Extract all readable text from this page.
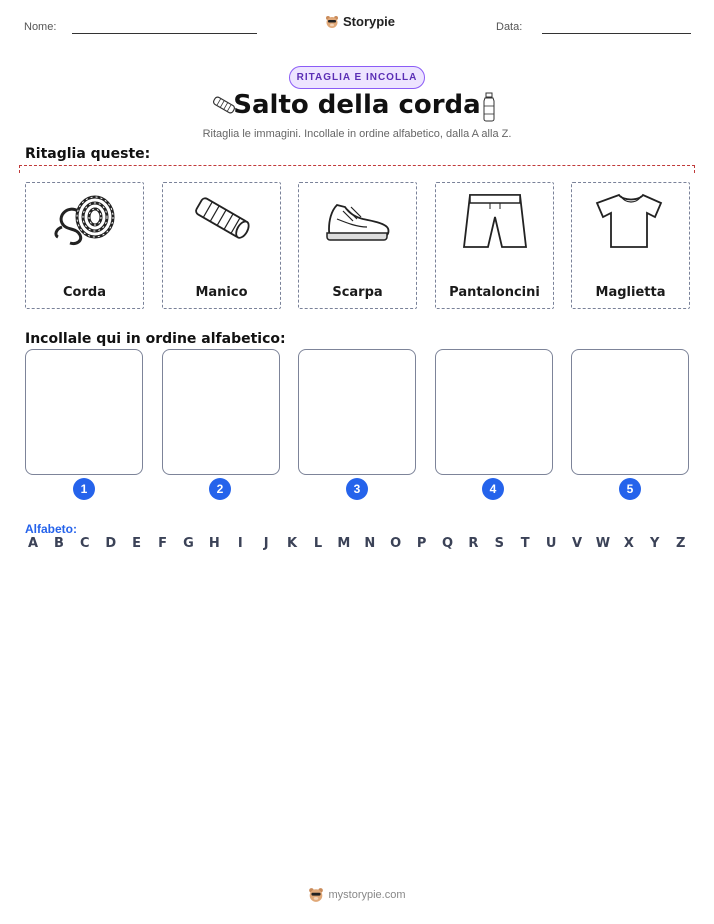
Nome:	Storypie	Data:
RITAGLIA E INCOLLA
Salto della corda
Ritaglia le immagini. Incollale in ordine alfabetico, dalla A alla Z.
Ritaglia queste:
Corda	Manico	Scarpa	Pantaloncini	Maglietta
Incollale qui in ordine alfabetico:
1	2	3	4	5
Alfabeto:
A B C D E F G H	I	J	K L M N O P Q R S T U V W X Y Z
mystorypie.com
